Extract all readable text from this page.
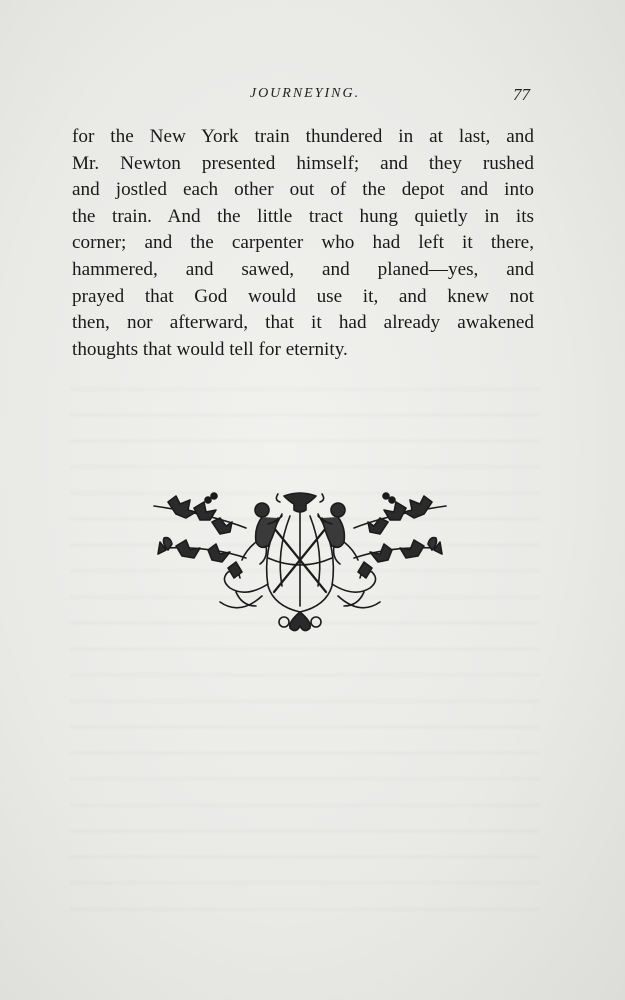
JOURNEYING.	77
for the New York train thundered in at last, and
Mr. Newton presented himself; and they rushed
and jostled each other out of the depot and into
the train. And the little tract hung quietly in its
corner; and the carpenter who had left it there,
hammered, and sawed, and planed—yes, and
prayed that God would use it, and knew not
then, nor afterward, that it had already awakened
thoughts that would tell for eternity.
